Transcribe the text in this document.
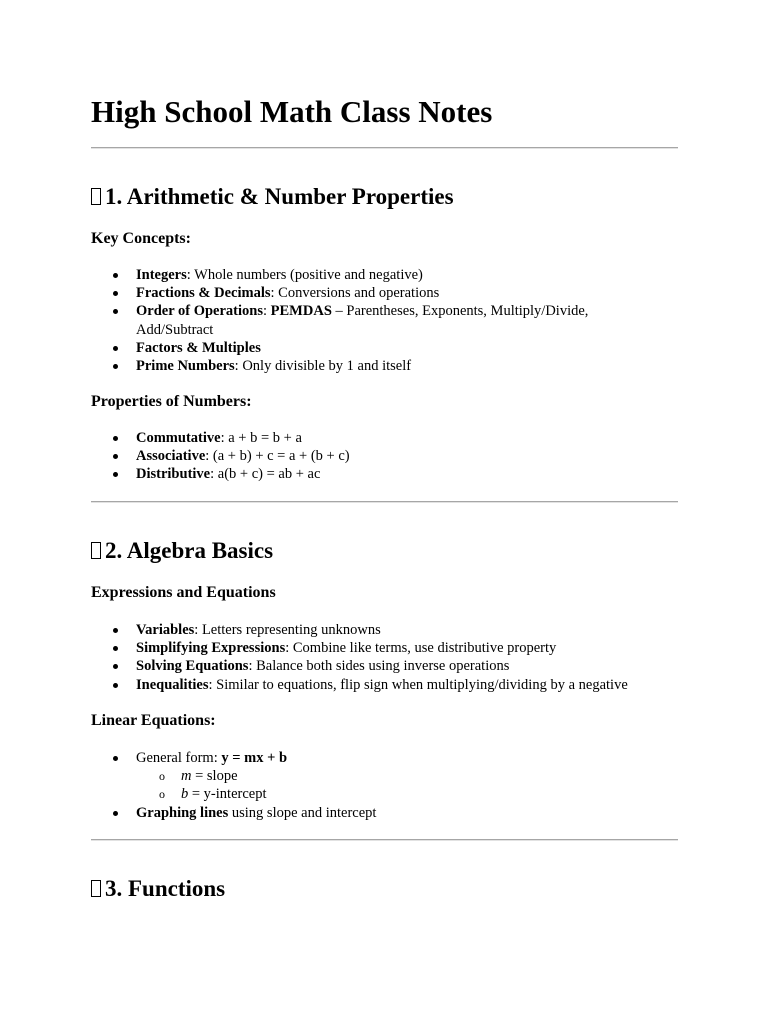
High School Math Class Notes
1. Arithmetic & Number Properties
Key Concepts:
Integers: Whole numbers (positive and negative)
Fractions & Decimals: Conversions and operations
Order of Operations: PEMDAS – Parentheses, Exponents, Multiply/Divide, Add/Subtract
Factors & Multiples
Prime Numbers: Only divisible by 1 and itself
Properties of Numbers:
Commutative: a + b = b + a
Associative: (a + b) + c = a + (b + c)
Distributive: a(b + c) = ab + ac
2. Algebra Basics
Expressions and Equations
Variables: Letters representing unknowns
Simplifying Expressions: Combine like terms, use distributive property
Solving Equations: Balance both sides using inverse operations
Inequalities: Similar to equations, flip sign when multiplying/dividing by a negative
Linear Equations:
General form: y = mx + b
o m = slope
o b = y-intercept
Graphing lines using slope and intercept
3. Functions
